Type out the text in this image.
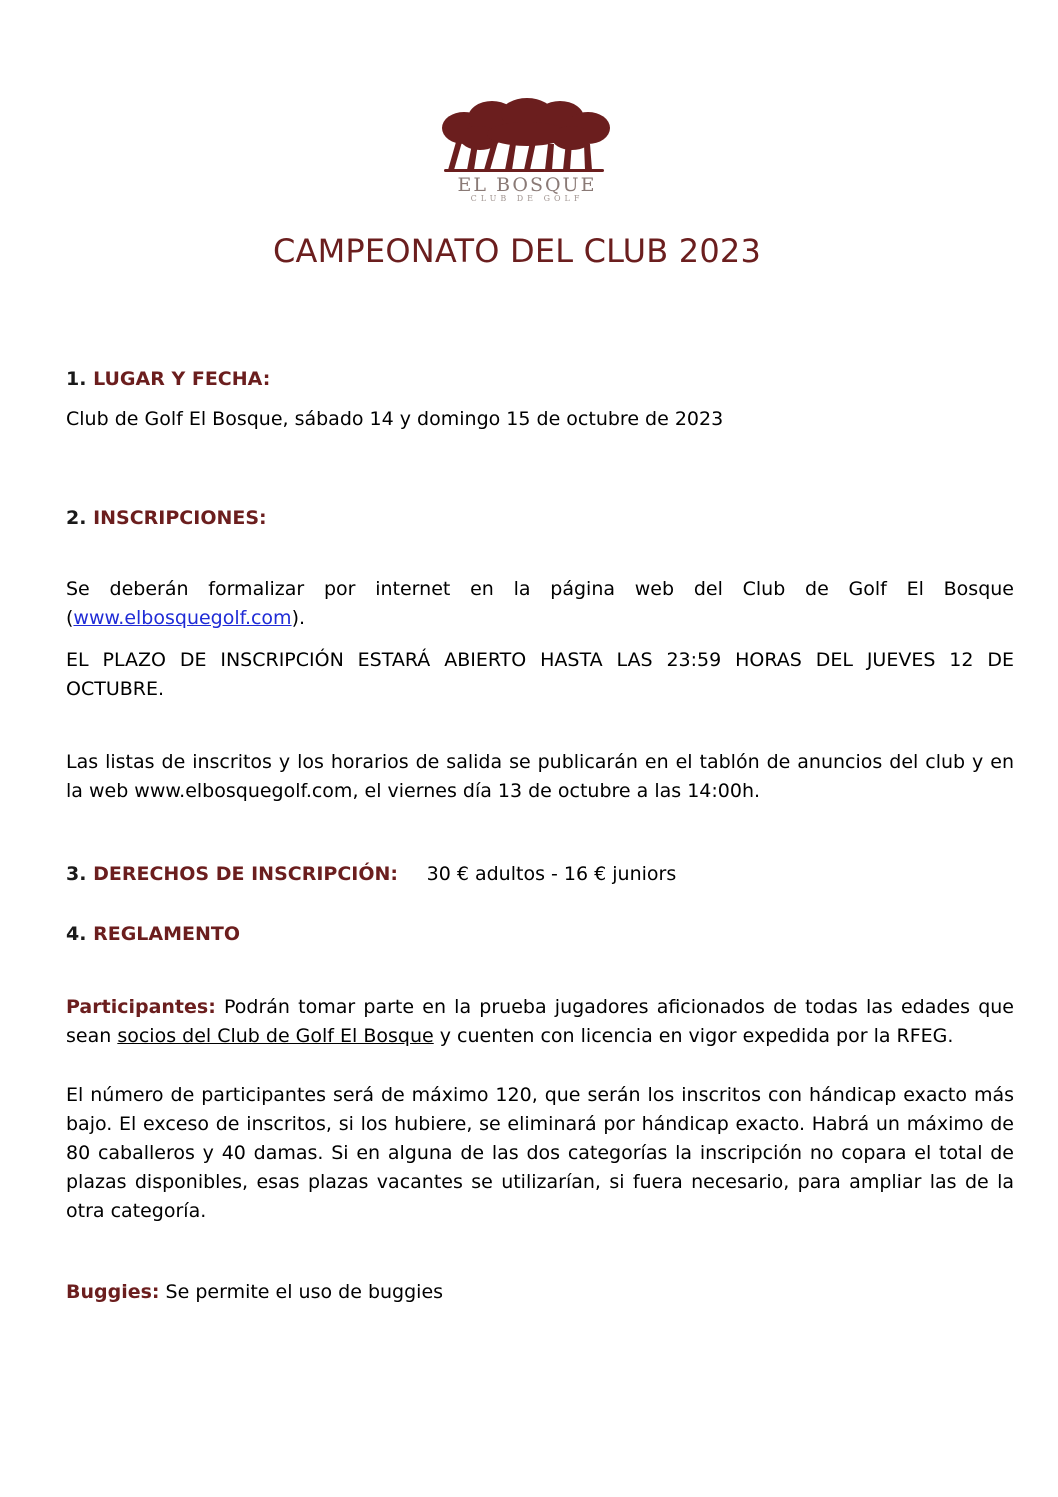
EL BOSQUE
CLUB DE GOLF
CAMPEONATO DEL CLUB 2023

1. LUGAR Y FECHA:

Club de Golf El Bosque, sábado 14 y domingo 15 de octubre de 2023

2. INSCRIPCIONES:

Se deberán formalizar por internet en la página web del Club de Golf El Bosque (www.elbosquegolf.com).

EL PLAZO DE INSCRIPCIÓN ESTARÁ ABIERTO HASTA LAS 23:59 HORAS DEL JUEVES 12 DE OCTUBRE.

Las listas de inscritos y los horarios de salida se publicarán en el tablón de anuncios del club y en la web www.elbosquegolf.com, el viernes día 13 de octubre a las 14:00h.

3. DERECHOS DE INSCRIPCIÓN: 30 € adultos - 16 € juniors

4. REGLAMENTO

Participantes: Podrán tomar parte en la prueba jugadores aficionados de todas las edades que sean socios del Club de Golf El Bosque y cuenten con licencia en vigor expedida por la RFEG.

El número de participantes será de máximo 120, que serán los inscritos con hándicap exacto más bajo. El exceso de inscritos, si los hubiere, se eliminará por hándicap exacto. Habrá un máximo de 80 caballeros y 40 damas. Si en alguna de las dos categorías la inscripción no copara el total de plazas disponibles, esas plazas vacantes se utilizarían, si fuera necesario, para ampliar las de la otra categoría.

Buggies: Se permite el uso de buggies
